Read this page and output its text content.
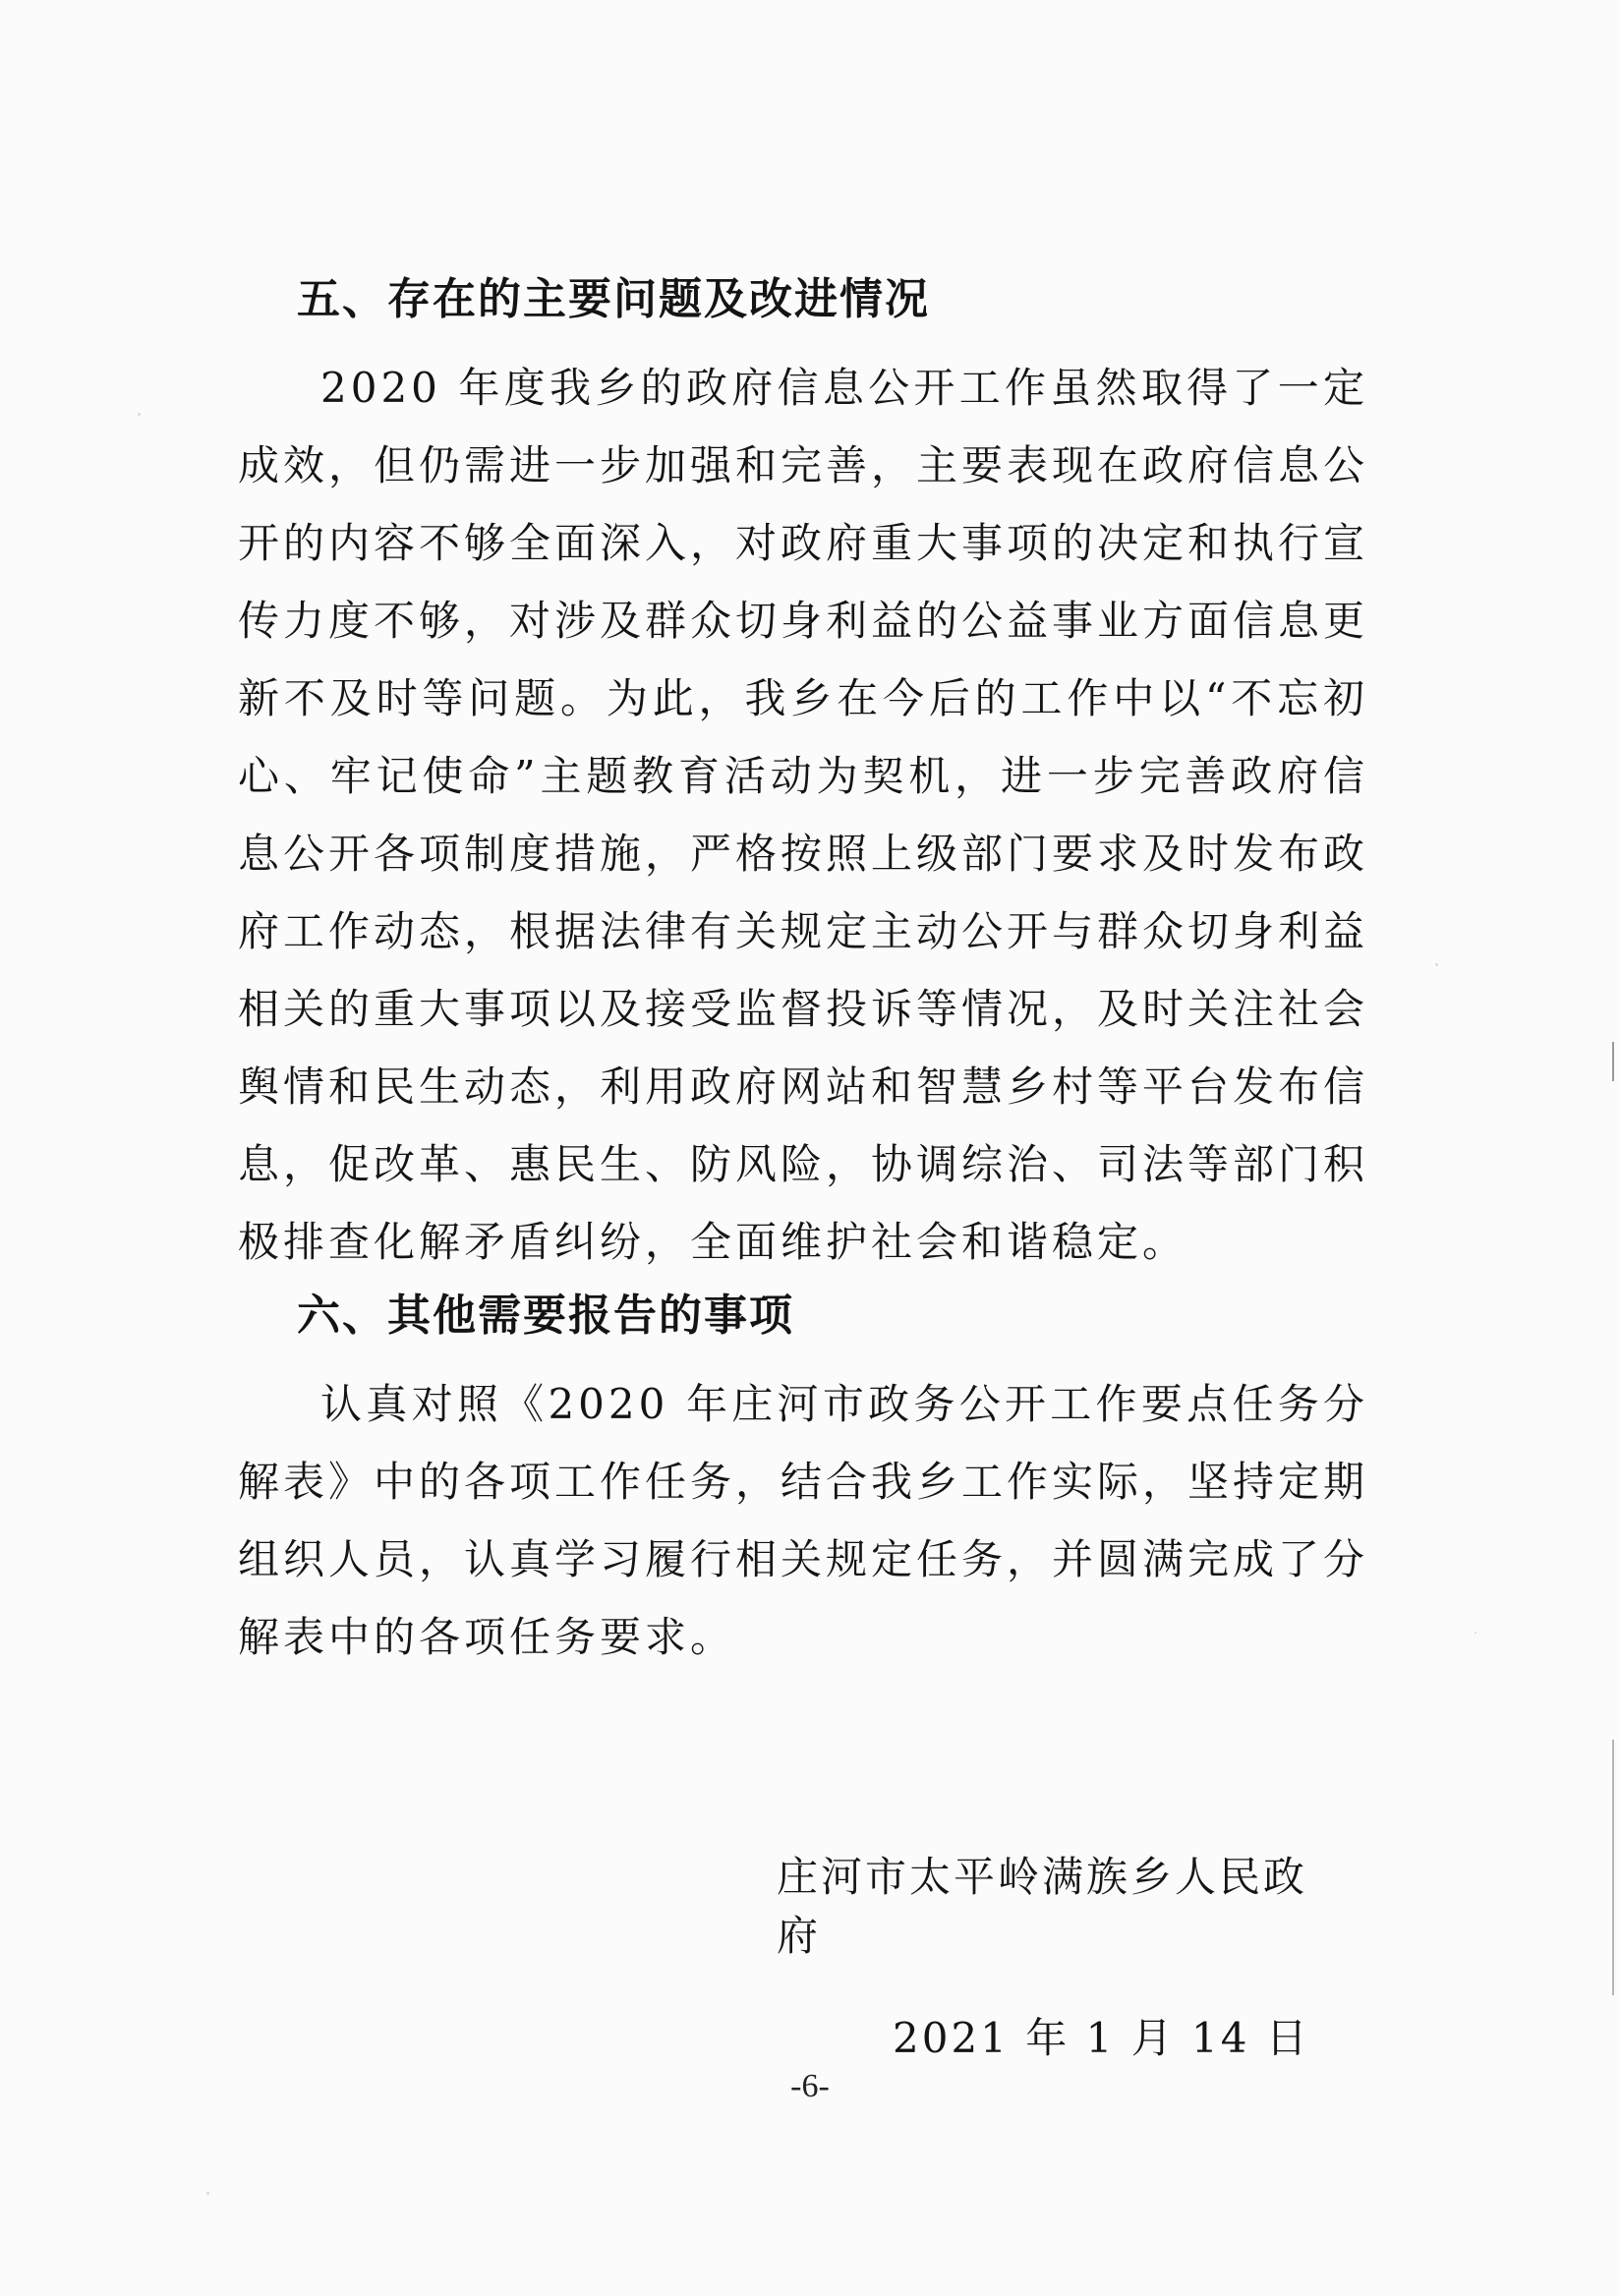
五、存在的主要问题及改进情况

2020 年度我乡的政府信息公开工作虽然取得了一定成效，但仍需进一步加强和完善，主要表现在政府信息公开的内容不够全面深入，对政府重大事项的决定和执行宣传力度不够，对涉及群众切身利益的公益事业方面信息更新不及时等问题。为此，我乡在今后的工作中以“不忘初心、牢记使命”主题教育活动为契机，进一步完善政府信息公开各项制度措施，严格按照上级部门要求及时发布政府工作动态，根据法律有关规定主动公开与群众切身利益相关的重大事项以及接受监督投诉等情况，及时关注社会舆情和民生动态，利用政府网站和智慧乡村等平台发布信息，促改革、惠民生、防风险，协调综治、司法等部门积极排查化解矛盾纠纷，全面维护社会和谐稳定。

六、其他需要报告的事项

认真对照《2020 年庄河市政务公开工作要点任务分解表》中的各项工作任务，结合我乡工作实际，坚持定期组织人员，认真学习履行相关规定任务，并圆满完成了分解表中的各项任务要求。

庄河市太平岭满族乡人民政府
2021 年 1 月 14 日
-6-
